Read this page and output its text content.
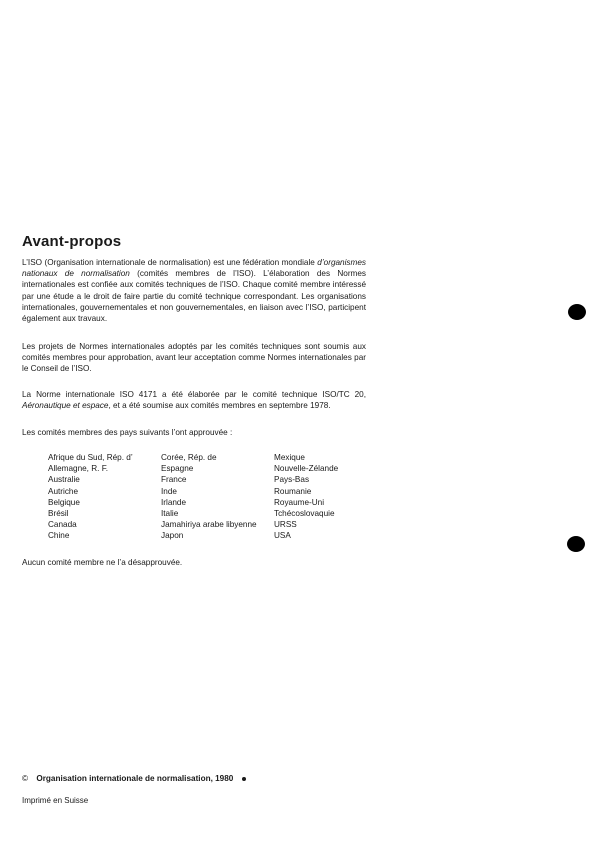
Avant-propos

L’ISO (Organisation internationale de normalisation) est une fédération mondiale d’organismes nationaux de normalisation (comités membres de l’ISO). L’élaboration des Normes internationales est confiée aux comités techniques de l’ISO. Chaque comité membre intéressé par une étude a le droit de faire partie du comité technique correspondant. Les organisations internationales, gouvernementales et non gouvernementales, en liaison avec l’ISO, participent également aux travaux.

Les projets de Normes internationales adoptés par les comités techniques sont soumis aux comités membres pour approbation, avant leur acceptation comme Normes internationales par le Conseil de l’ISO.

La Norme internationale ISO 4171 a été élaborée par le comité technique ISO/TC 20, Aéronautique et espace, et a été soumise aux comités membres en septembre 1978.

Les comités membres des pays suivants l’ont approuvée :

Afrique du Sud, Rép. d’
Allemagne, R. F.
Australie
Autriche
Belgique
Brésil
Canada
Chine
Corée, Rép. de
Espagne
France
Inde
Irlande
Italie
Jamahiriya arabe libyenne
Japon
Mexique
Nouvelle-Zélande
Pays-Bas
Roumanie
Royaume-Uni
Tchécoslovaquie
URSS
USA

Aucun comité membre ne l’a désapprouvée.

© Organisation internationale de normalisation, 1980
Imprimé en Suisse
